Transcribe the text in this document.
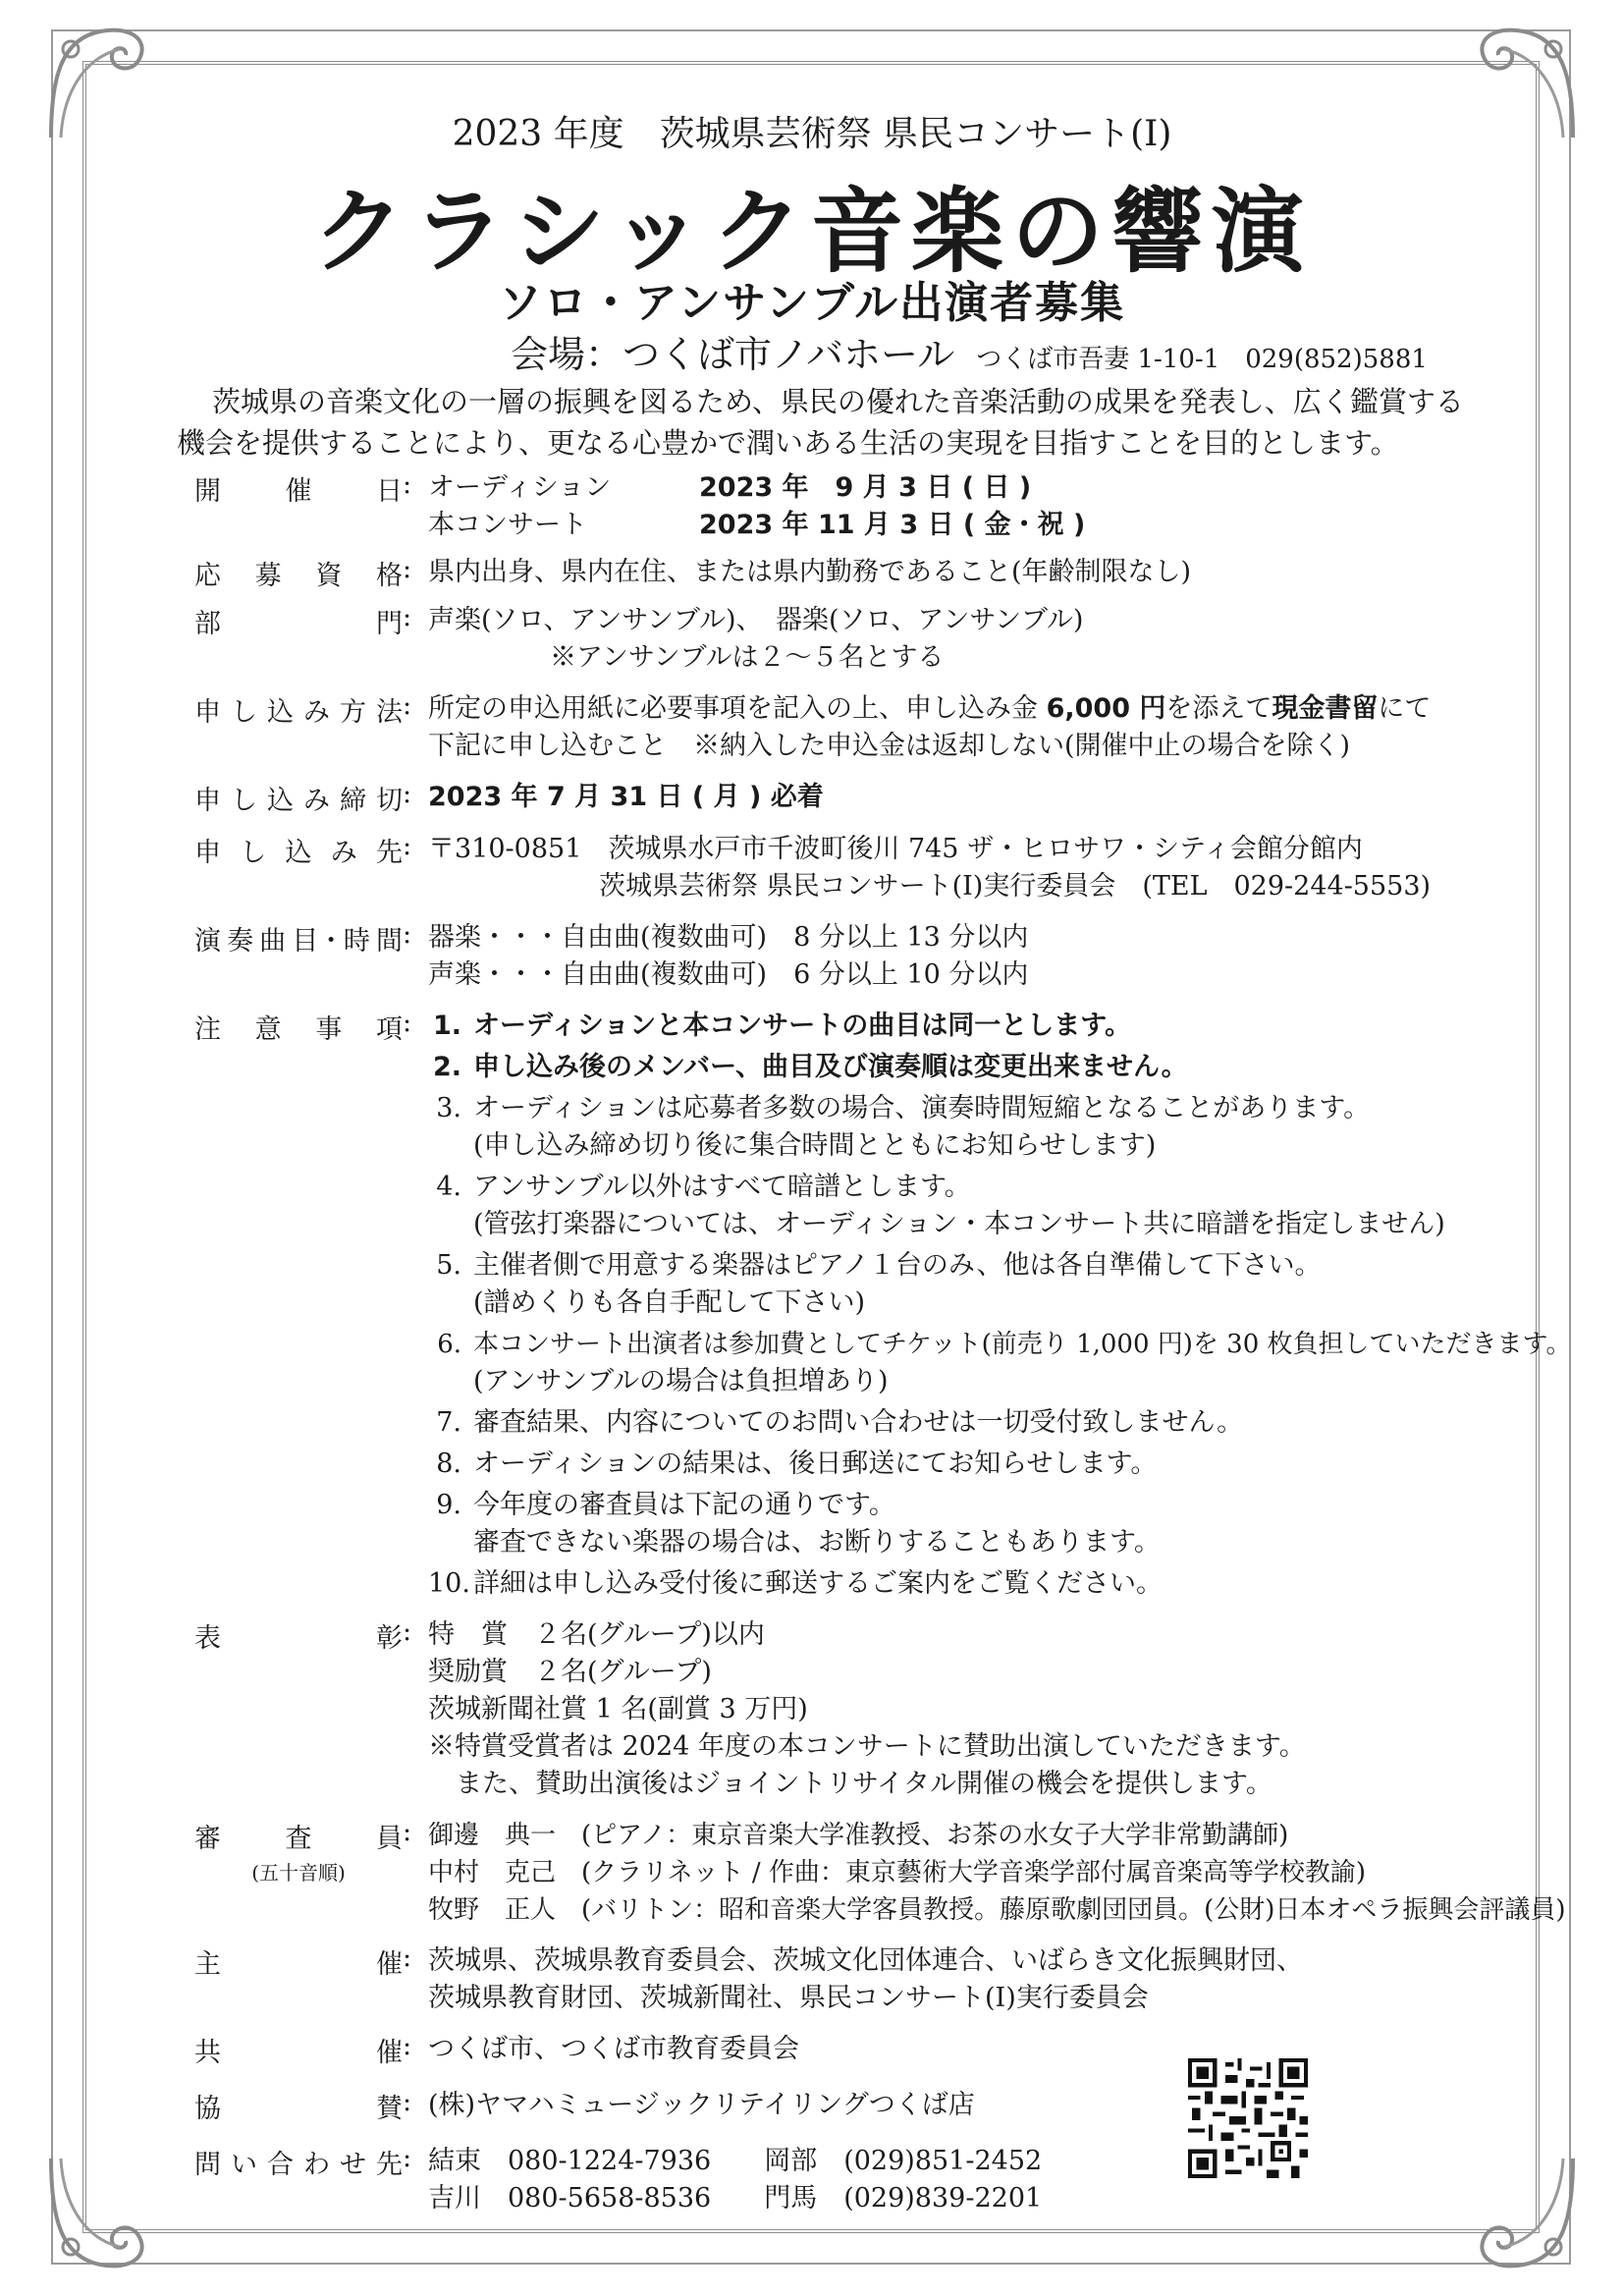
2023 年度　茨城県芸術祭 県民コンサート(Ⅰ)
クラシック音楽の響演
ソロ・アンサンブル出演者募集
会場：つくば市ノバホール つくば市吾妻 1-10-1　029(852)5881

茨城県の音楽文化の一層の振興を図るため、県民の優れた音楽活動の成果を発表し、広く鑑賞する

機会を提供することにより、更なる心豊かで潤いある生活の実現を目指すことを目的とします。

開催日 : オーディション	2023 年　9 月 3 日 ( 日 )
本コンサート	2023 年 11 月 3 日 ( 金・祝 )
応募資格 : 県内出身、県内在住、または県内勤務であること(年齢制限なし)
部門 : 声楽(ソロ、アンサンブル)、　器楽(ソロ、アンサンブル)
※アンサンブルは２～５名とする
申し込み方法 : 所定の申込用紙に必要事項を記入の上、申し込み金 6,000 円を添えて現金書留にて
下記に申し込むこと　※納入した申込金は返却しない(開催中止の場合を除く)
申し込み締切 : 2023 年 7 月 31 日 ( 月 ) 必着
申し込み先 : 〒310-0851　茨城県水戸市千波町後川 745 ザ・ヒロサワ・シティ会館分館内
茨城県芸術祭 県民コンサート(Ⅰ)実行委員会　(TEL　029-244-5553)
演奏曲目･時間 : 器楽・・・自由曲(複数曲可)　8 分以上 13 分以内
声楽・・・自由曲(複数曲可)　6 分以上 10 分以内
注意事項 : 1. オーディションと本コンサートの曲目は同一とします。
2. 申し込み後のメンバー、曲目及び演奏順は変更出来ません。
3. オーディションは応募者多数の場合、演奏時間短縮となることがあります。
(申し込み締め切り後に集合時間とともにお知らせします)
4. アンサンブル以外はすべて暗譜とします。
(管弦打楽器については、オーディション・本コンサート共に暗譜を指定しません)
5. 主催者側で用意する楽器はピアノ１台のみ、他は各自準備して下さい。
(譜めくりも各自手配して下さい)
6. 本コンサート出演者は参加費としてチケット(前売り 1,000 円)を 30 枚負担していただきます。
(アンサンブルの場合は負担増あり)
7. 審査結果、内容についてのお問い合わせは一切受付致しません。
8. オーディションの結果は、後日郵送にてお知らせします。
9. 今年度の審査員は下記の通りです。
審査できない楽器の場合は、お断りすることもあります。
10. 詳細は申し込み受付後に郵送するご案内をご覧ください。
表彰 : 特　賞　２名(グループ)以内
奨励賞　２名(グループ)
茨城新聞社賞 1 名(副賞 3 万円)
※特賞受賞者は 2024 年度の本コンサートに賛助出演していただきます。
また、賛助出演後はジョイントリサイタル開催の機会を提供します。
審査員
(五十音順)
: 御邊　典一　(ピアノ：東京音楽大学准教授、お茶の水女子大学非常勤講師)
中村　克己　(クラリネット / 作曲：東京藝術大学音楽学部付属音楽高等学校教諭)
牧野　正人　(バリトン：昭和音楽大学客員教授。藤原歌劇団団員。(公財)日本オペラ振興会評議員)
主催 : 茨城県、茨城県教育委員会、茨城文化団体連合、いばらき文化振興財団、
茨城県教育財団、茨城新聞社、県民コンサート(Ⅰ)実行委員会
共催 : つくば市、つくば市教育委員会
協賛 : (株)ヤマハミュージックリテイリングつくば店
問い合わせ先 : 結束　080-1224-7936　　岡部　(029)851-2452
吉川　080-5658-8536　　門馬　(029)839-2201
